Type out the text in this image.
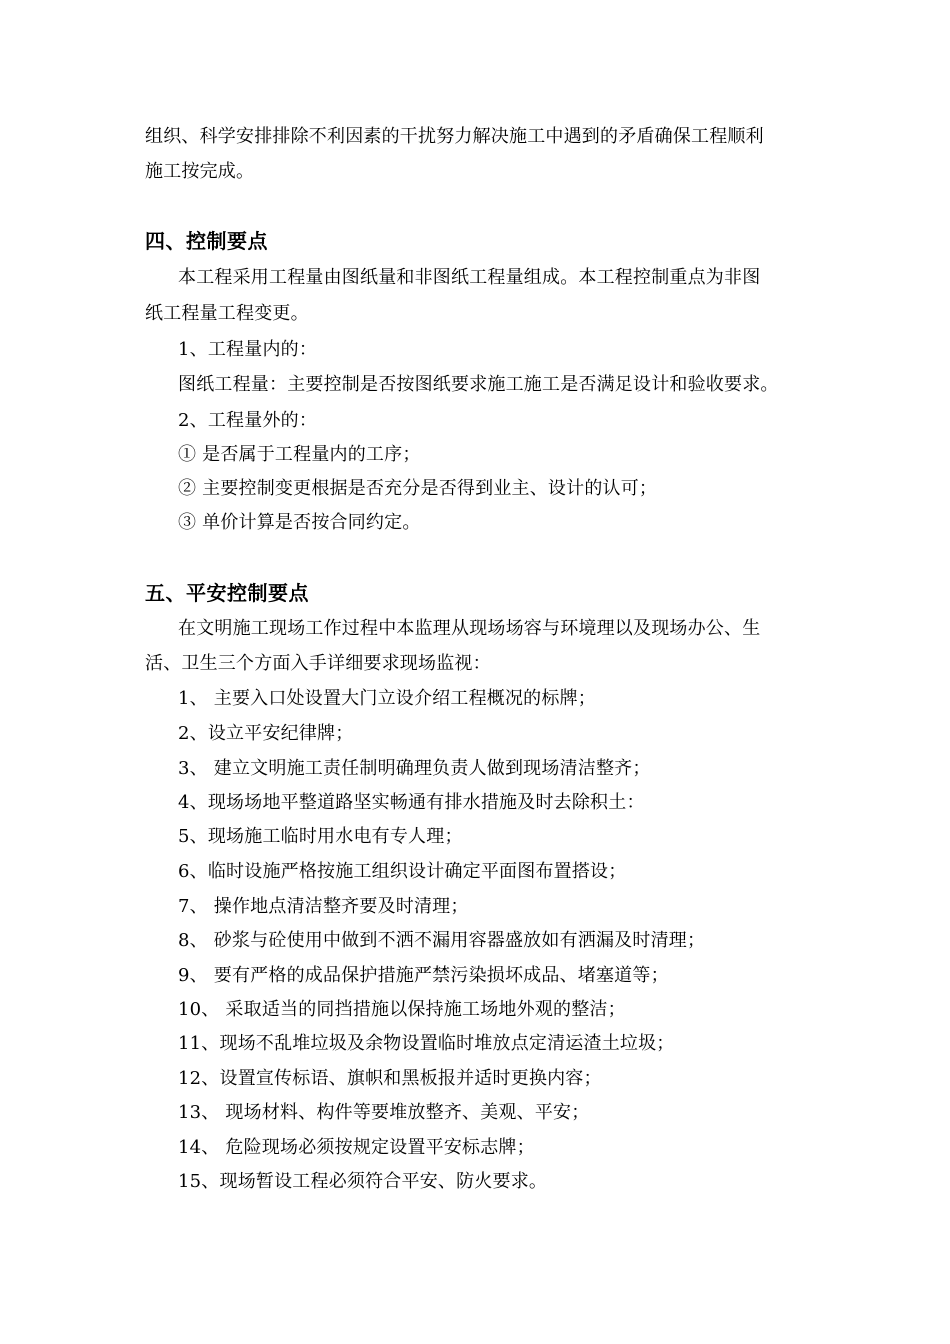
组织、科学安排排除不利因素的干扰努力解决施工中遇到的矛盾确保工程顺利
施工按完成。
四、控制要点
本工程采用工程量由图纸量和非图纸工程量组成。本工程控制重点为非图
纸工程量工程变更。
1、工程量内的：
图纸工程量：主要控制是否按图纸要求施工施工是否满足设计和验收要求。
2、工程量外的：
① 是否属于工程量内的工序；
② 主要控制变更根据是否充分是否得到业主、设计的认可；
③ 单价计算是否按合同约定。
五、平安控制要点
在文明施工现场工作过程中本监理从现场场容与环境理以及现场办公、生
活、卫生三个方面入手详细要求现场监视：
1、 主要入口处设置大门立设介绍工程概况的标牌；
2、设立平安纪律牌；
3、 建立文明施工责任制明确理负责人做到现场清洁整齐；
4、现场场地平整道路坚实畅通有排水措施及时去除积土：
5、现场施工临时用水电有专人理；
6、临时设施严格按施工组织设计确定平面图布置搭设；
7、 操作地点清洁整齐要及时清理；
8、 砂浆与砼使用中做到不洒不漏用容器盛放如有洒漏及时清理；
9、 要有严格的成品保护措施严禁污染损坏成品、堵塞道等；
10、 采取适当的同挡措施以保持施工场地外观的整洁；
11、现场不乱堆垃圾及余物设置临时堆放点定清运渣土垃圾；
12、设置宣传标语、旗帜和黑板报并适时更换内容；
13、 现场材料、构件等要堆放整齐、美观、平安；
14、 危险现场必须按规定设置平安标志牌；
15、现场暂设工程必须符合平安、防火要求。
